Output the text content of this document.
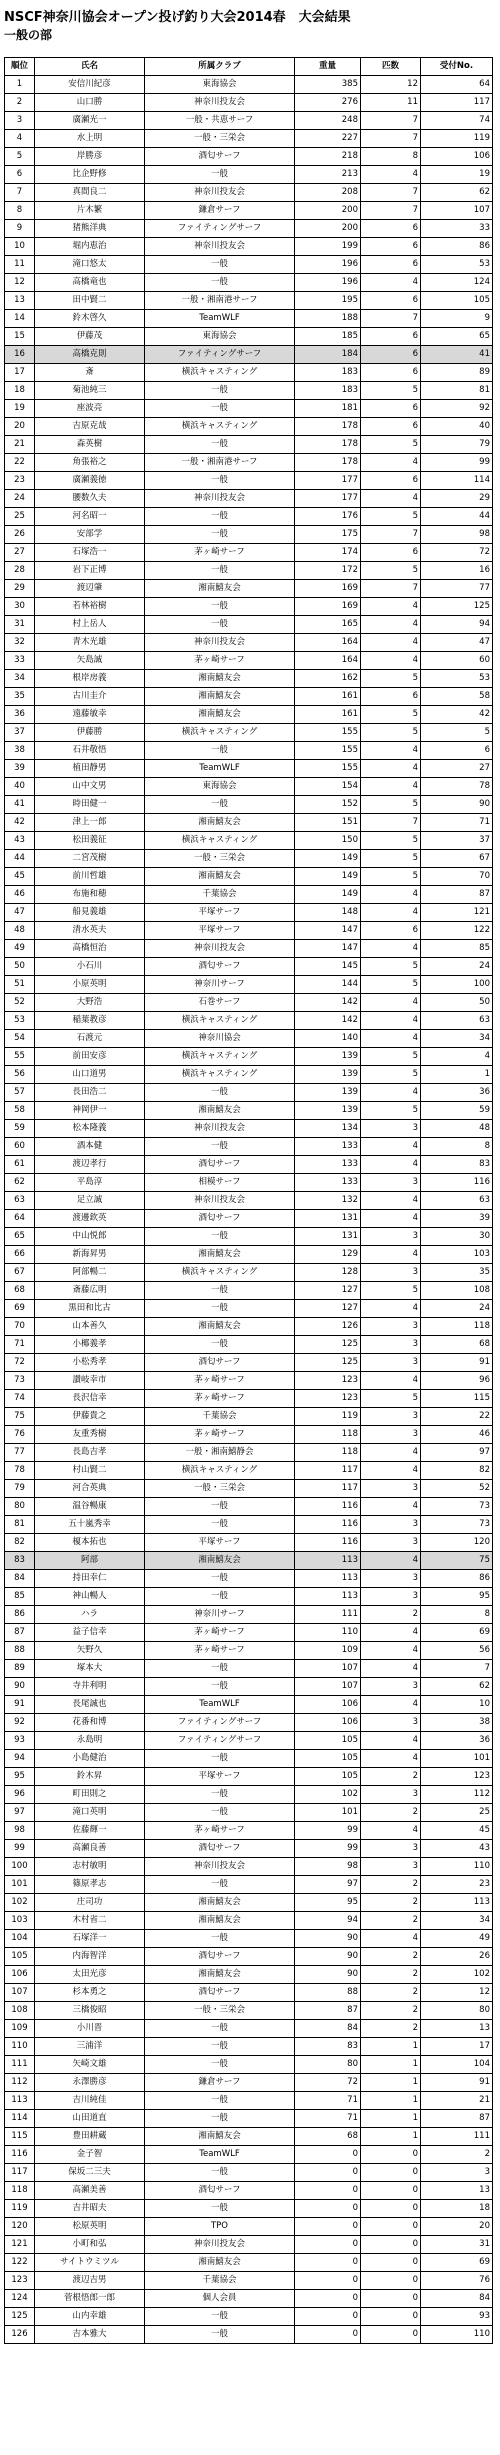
NSCF神奈川協会オープン投げ釣り大会2014春　大会結果
一般の部
順位	氏名	所属クラブ	重量	匹数	受付No.
1	安信川紀彦	東海協会	385	12	64
2	山口勝	神奈川投友会	276	11	117
3	廣瀬光一	一般・共恵サーフ	248	7	74
4	水上明	一般・三栄会	227	7	119
5	岸勝彦	酒匂サーフ	218	8	106
6	比企野修	一般	213	4	19
7	真間良二	神奈川投友会	208	7	62
8	片木繁	鎌倉サーフ	200	7	107
9	猪熊洋典	ファイティングサーフ	200	6	33
10	堀内恵治	神奈川投友会	199	6	86
11	滝口悠太	一般	196	6	53
12	高橋竜也	一般	196	4	124
13	田中賢二	一般・湘南港サーフ	195	6	105
14	鈴木啓久	TeamWLF	188	7	9
15	伊藤茂	東海協会	185	6	65
16	高橋克則	ファイティングサーフ	184	6	41
17	斎	横浜キャスティング	183	6	89
18	菊池純三	一般	183	5	81
19	座波亮	一般	181	6	92
20	吉原克哉	横浜キャスティング	178	6	40
21	森英樹	一般	178	5	79
22	角張裕之	一般・湘南港サーフ	178	4	99
23	廣瀬義徳	一般	177	6	114
24	腰数久夫	神奈川投友会	177	4	29
25	河名昭一	一般	176	5	44
26	安部学	一般	175	7	98
27	石塚浩一	茅ヶ崎サーフ	174	6	72
28	岩下正博	一般	172	5	16
29	渡辺肇	湘南鱚友会	169	7	77
30	若林裕樹	一般	169	4	125
31	村上岳人	一般	165	4	94
32	青木光雄	神奈川投友会	164	4	47
33	矢島誠	茅ヶ崎サーフ	164	4	60
34	根岸房義	湘南鱚友会	162	5	53
35	古川圭介	湘南鱚友会	161	6	58
36	遠藤敏幸	湘南鱚友会	161	5	42
37	伊藤勝	横浜キャスティング	155	5	5
38	石井敬悟	一般	155	4	6
39	植田静男	TeamWLF	155	4	27
40	山中文男	東海協会	154	4	78
41	時田健一	一般	152	5	90
42	津上一郎	湘南鱚友会	151	7	71
43	松田義征	横浜キャスティング	150	5	37
44	二宮茂樹	一般・三栄会	149	5	67
45	前川哲雄	湘南鱚友会	149	5	70
46	布施和穂	千葉協会	149	4	87
47	船見義雄	平塚サーフ	148	4	121
48	清水英夫	平塚サーフ	147	6	122
49	高橋恒治	神奈川投友会	147	4	85
50	小石川	酒匂サーフ	145	5	24
51	小原英明	神奈川サーフ	144	5	100
52	大野浩	石巻サーフ	142	4	50
53	稲葉教彦	横浜キャスティング	142	4	63
54	石渡元	神奈川協会	140	4	34
55	前田安彦	横浜キャスティング	139	5	4
56	山口道男	横浜キャスティング	139	5	1
57	長田浩二	一般	139	4	36
58	神岡伊一	湘南鱚友会	139	5	59
59	松本隆義	神奈川投友会	134	3	48
60	酒本健	一般	133	4	8
61	渡辺孝行	酒匂サーフ	133	4	83
62	平島淳	相模サーフ	133	3	116
63	足立誠	神奈川投友会	132	4	63
64	渡邊欽英	酒匂サーフ	131	4	39
65	中山悦郎	一般	131	3	30
66	新海昇男	湘南鱚友会	129	4	103
67	阿部暢二	横浜キャスティング	128	3	35
68	斎藤広明	一般	127	5	108
69	黒田和比古	一般	127	4	24
70	山本善久	湘南鱚友会	126	3	118
71	小椰義孝	一般	125	3	68
72	小松秀孝	酒匂サーフ	125	3	91
73	讃岐幸市	茅ヶ崎サーフ	123	4	96
74	長沢信幸	茅ヶ崎サーフ	123	5	115
75	伊藤貴之	千葉協会	119	3	22
76	友重秀樹	茅ヶ崎サーフ	118	3	46
77	長島吉孝	一般・湘南鱚静会	118	4	97
78	村山賢二	横浜キャスティング	117	4	82
79	河合英典	一般・三栄会	117	3	52
80	温谷暢康	一般	116	4	73
81	五十嵐秀幸	一般	116	3	73
82	榎本拓也	平塚サーフ	116	3	120
83	阿部	湘南鱚友会	113	4	75
84	持田幸仁	一般	113	3	86
85	神山暢人	一般	113	3	95
86	ハラ	神奈川サーフ	111	2	8
87	益子信幸	茅ヶ崎サーフ	110	4	69
88	矢野久	茅ヶ崎サーフ	109	4	56
89	塚本大	一般	107	4	7
90	寺井利明	一般	107	3	62
91	長尾誠也	TeamWLF	106	4	10
92	花番和博	ファイティングサーフ	106	3	38
93	永島明	ファイティングサーフ	105	4	36
94	小島健治	一般	105	4	101
95	鈴木昇	平塚サーフ	105	2	123
96	町田則之	一般	102	3	112
97	滝口英明	一般	101	2	25
98	佐藤輝一	茅ヶ崎サーフ	99	4	45
99	高瀬良善	酒匂サーフ	99	3	43
100	志村敏明	神奈川投友会	98	3	110
101	篠原孝志	一般	97	2	23
102	庄司功	湘南鱚友会	95	2	113
103	木村省二	湘南鱚友会	94	2	34
104	石塚洋一	一般	90	4	49
105	内海智洋	酒匂サーフ	90	2	26
106	太田光彦	湘南鱚友会	90	2	102
107	杉本勇之	酒匂サーフ	88	2	12
108	三橋俊昭	一般・三栄会	87	2	80
109	小川晋	一般	84	2	13
110	三浦洋	一般	83	1	17
111	矢崎文雄	一般	80	1	104
112	永澤勝彦	鎌倉サーフ	72	1	91
113	吉川純佳	一般	71	1	21
114	山田道直	一般	71	1	87
115	豊田耕蔵	湘南鱚友会	68	1	111
116	金子智	TeamWLF	0	0	2
117	保坂二三夫	一般	0	0	3
118	高瀬美善	酒匂サーフ	0	0	13
119	吉井昭夫	一般	0	0	18
120	松原英明	TPO	0	0	20
121	小町和弘	神奈川投友会	0	0	31
122	サイトウミツル	湘南鱚友会	0	0	69
123	渡辺吉男	千葉協会	0	0	76
124	菅根悟郎一郎	個人会員	0	0	84
125	山内幸雄	一般	0	0	93
126	吉本雅大	一般	0	0	110
